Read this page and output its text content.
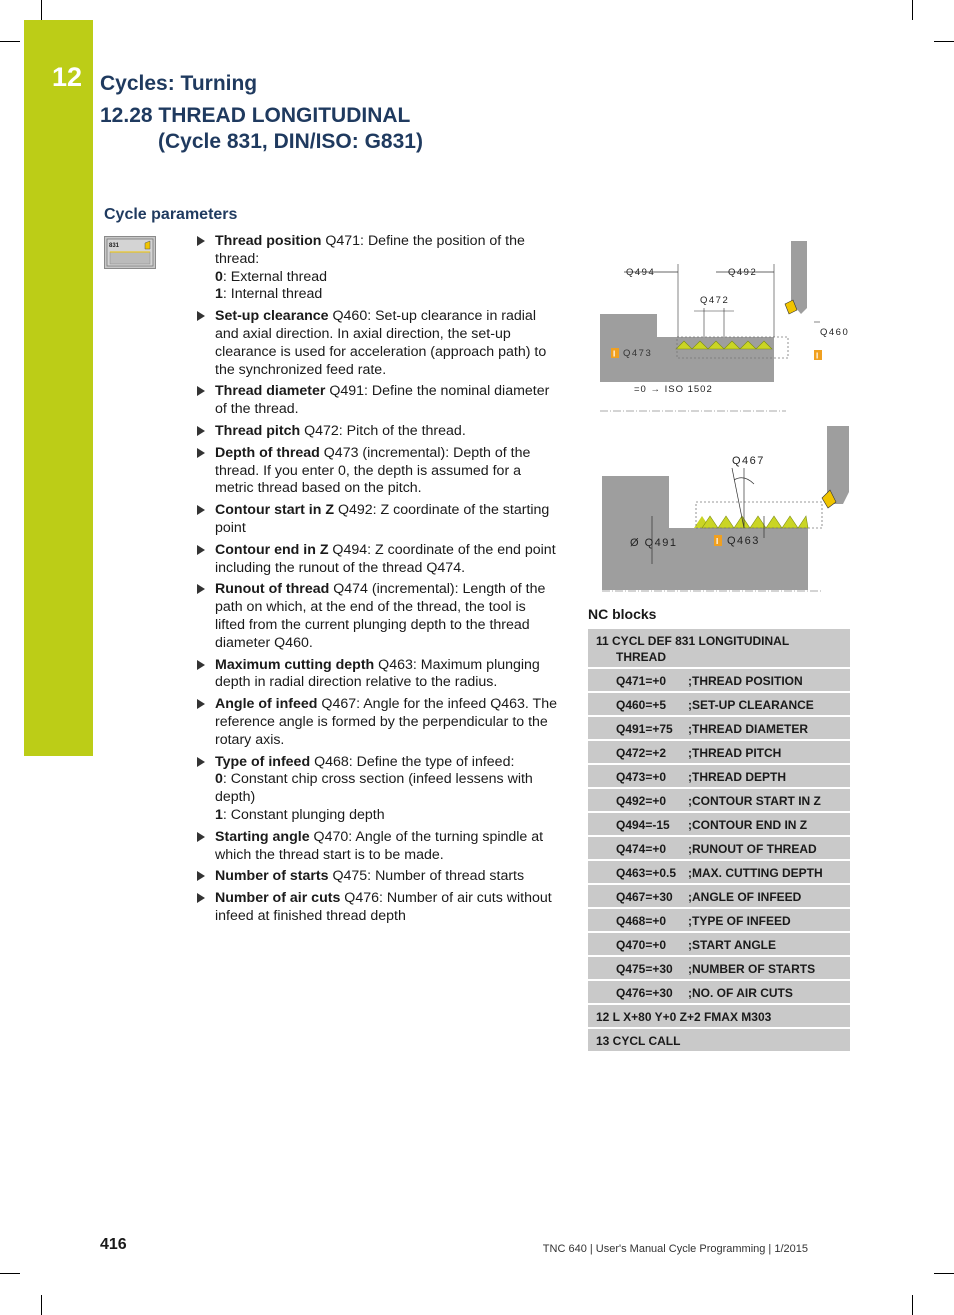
12 Cycles: Turning
12.28 THREAD LONGITUDINAL
(Cycle 831, DIN/ISO: G831)
Cycle parameters
831	Thread position Q471: Define the position of the thread:
0: External thread
1: Internal thread
Set-up clearance Q460: Set-up clearance in radial and axial direction. In axial direction, the set-up clearance is used for acceleration (approach path) to the synchronized feed rate.
Thread diameter Q491: Define the nominal diameter of the thread.
Thread pitch Q472: Pitch of the thread.
Depth of thread Q473 (incremental): Depth of the thread. If you enter 0, the depth is assumed for a metric thread based on the pitch.
Contour start in Z Q492: Z coordinate of the starting point
Contour end in Z Q494: Z coordinate of the end point including the runout of the thread Q474.
Runout of thread Q474 (incremental): Length of the path on which, at the end of the thread, the tool is lifted from the current plunging depth to the thread diameter Q460.
Maximum cutting depth Q463: Maximum plunging depth in radial direction relative to the radius.
Angle of infeed Q467: Angle for the infeed Q463. The reference angle is formed by the perpendicular to the rotary axis.
Type of infeed Q468: Define the type of infeed:
0: Constant chip cross section (infeed lessens with depth)
1: Constant plunging depth
Starting angle Q470: Angle of the turning spindle at which the thread start is to be made.
Number of starts Q475: Number of thread starts
Number of air cuts Q476: Number of air cuts without infeed at finished thread depth
Q494	Q492
Q472
Q460
I Q473	I
=0 → ISO 1502
Q467
Ø Q491	I Q463
NC blocks
11 CYCL DEF 831 LONGITUDINAL
THREAD
Q471=+0	;THREAD POSITION
Q460=+5	;SET-UP CLEARANCE
Q491=+75	;THREAD DIAMETER
Q472=+2	;THREAD PITCH
Q473=+0	;THREAD DEPTH
Q492=+0	;CONTOUR START IN Z
Q494=-15	;CONTOUR END IN Z
Q474=+0	;RUNOUT OF THREAD
Q463=+0.5 ;MAX. CUTTING DEPTH
Q467=+30	;ANGLE OF INFEED
Q468=+0	;TYPE OF INFEED
Q470=+0	;START ANGLE
Q475=+30	;NUMBER OF STARTS
Q476=+30	;NO. OF AIR CUTS
12 L X+80 Y+0 Z+2 FMAX M303
13 CYCL CALL
416	TNC 640 | User's Manual Cycle Programming | 1/2015
